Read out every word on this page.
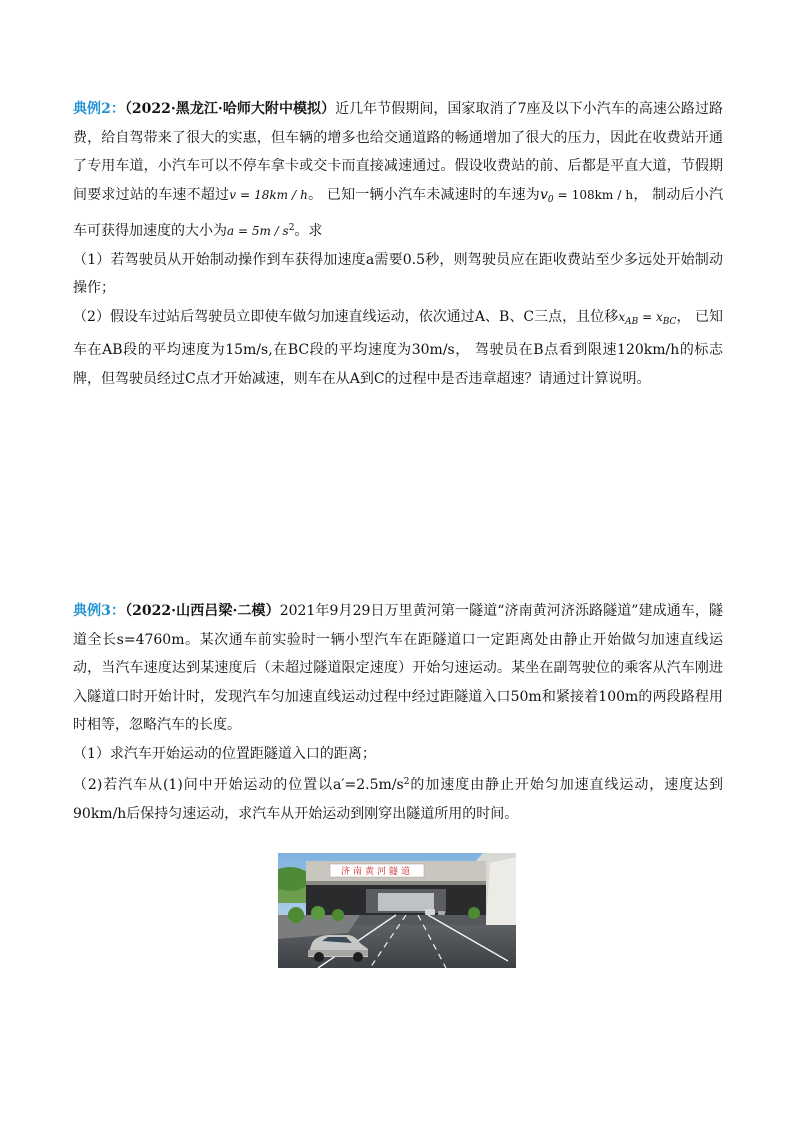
典例2：（2022·黑龙江·哈师大附中模拟）近几年节假期间，国家取消了7座及以下小汽车的高速公路过路费，给自驾带来了很大的实惠，但车辆的增多也给交通道路的畅通增加了很大的压力，因此在收费站开通了专用车道，小汽车可以不停车拿卡或交卡而直接减速通过。假设收费站的前、后都是平直大道，节假期间要求过站的车速不超过v = 18km / h。 已知一辆小汽车未减速时的车速为$v_0 = 108km / h$， 制动后小汽车可获得加速度的大小为$a = 5m / s^2$。求

（1）若驾驶员从开始制动操作到车获得加速度a需要0.5秒，则驾驶员应在距收费站至少多远处开始制动操作；

（2）假设车过站后驾驶员立即使车做匀加速直线运动，依次通过A、B、C三点，且位移$x_{AB} = x_{BC}$， 已知车在AB段的平均速度为15m/s,在BC段的平均速度为30m/s， 驾驶员在B点看到限速120km/h的标志牌，但驾驶员经过C点才开始减速，则车在从A到C的过程中是否违章超速？请通过计算说明。

典例3：（2022·山西吕梁·二模）2021年9月29日万里黄河第一隧道“济南黄河济泺路隧道”建成通车，隧道全长s=4760m。某次通车前实验时一辆小型汽车在距隧道口一定距离处由静止开始做匀加速直线运动，当汽车速度达到某速度后（未超过隧道限定速度）开始匀速运动。某坐在副驾驶位的乘客从汽车刚进入隧道口时开始计时，发现汽车匀加速直线运动过程中经过距隧道入口50m和紧接着100m的两段路程用时相等，忽略汽车的长度。

（1）求汽车开始运动的位置距隧道入口的距离；

（2)若汽车从(1)问中开始运动的位置以$a'=2.5m/s^2$的加速度由静止开始匀加速直线运动，速度达到90km/h后保持匀速运动，求汽车从开始运动到刚穿出隧道所用的时间。

济南黄河隧道
